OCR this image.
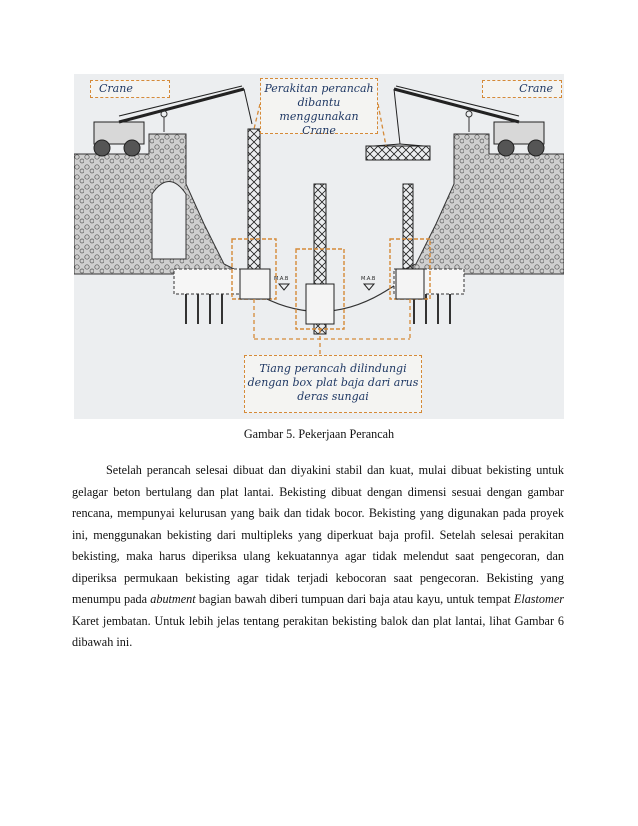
M.A.B	M.A.B
Crane	Crane
Perakitan perancah
dibantu menggunakan
Crane
Tiang perancah dilindungi
dengan box plat baja dari arus
deras sungai
Gambar 5. Pekerjaan Perancah

Setelah perancah selesai dibuat dan diyakini stabil dan kuat, mulai dibuat bekisting untuk gelagar beton bertulang dan plat lantai. Bekisting dibuat dengan dimensi sesuai dengan gambar rencana, mempunyai kelurusan yang baik dan tidak bocor. Bekisting yang digunakan pada proyek ini, menggunakan bekisting dari multipleks yang diperkuat baja profil. Setelah selesai perakitan bekisting, maka harus diperiksa ulang kekuatannya agar tidak melendut saat pengecoran, dan diperiksa permukaan bekisting agar tidak terjadi kebocoran saat pengecoran. Bekisting yang menumpu pada abutment bagian bawah diberi tumpuan dari baja atau kayu, untuk tempat Elastomer Karet jembatan. Untuk lebih jelas tentang perakitan bekisting balok dan plat lantai, lihat Gambar 6 dibawah ini.
